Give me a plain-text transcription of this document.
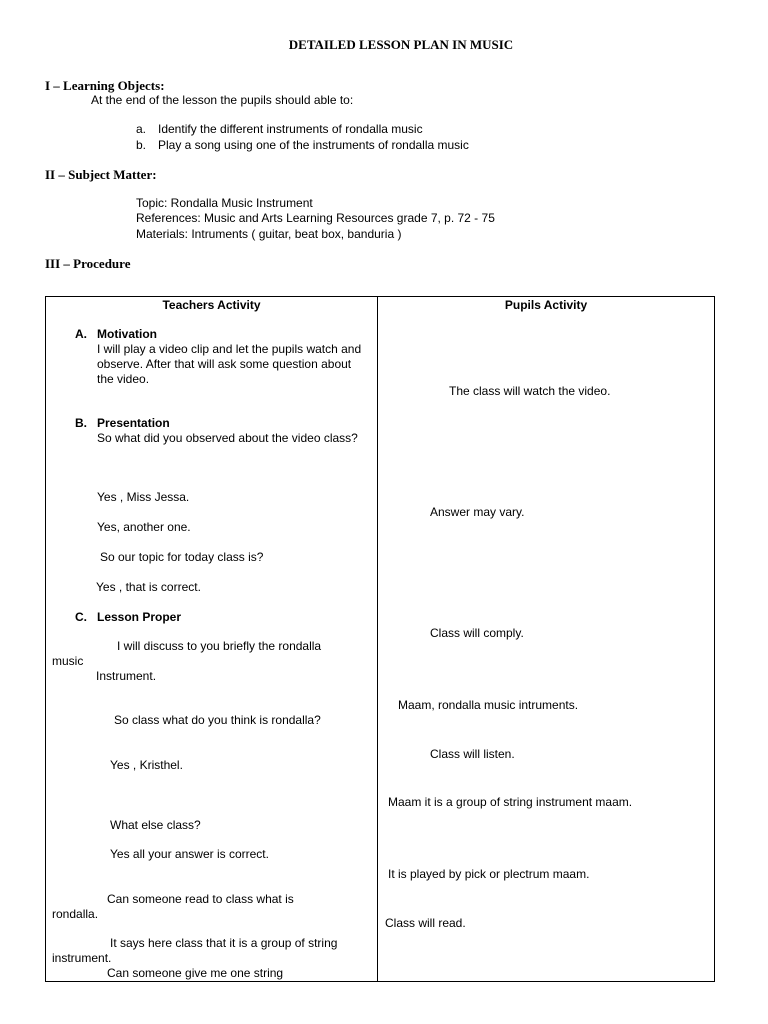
DETAILED LESSON PLAN IN MUSIC
I – Learning Objects:
At the end of the lesson the pupils should able to:
a. Identify the different instruments of rondalla music
b. Play a song using one of the instruments of rondalla music
II – Subject Matter:
Topic: Rondalla Music Instrument
References: Music and Arts Learning Resources grade 7, p. 72 - 75
Materials: Intruments ( guitar, beat box, banduria )
III – Procedure
Teachers Activity	Pupils Activity
A. Motivation
I will play a video clip and let the pupils watch and observe. After that will ask some question about the video.
B. Presentation
So what did you observed about the video class?
Yes , Miss Jessa.
Yes, another one.
So our topic for today class is?
Yes , that is correct.
C. Lesson Proper
I will discuss to you briefly the rondalla
music
Instrument.
So class what do you think is rondalla?
Yes , Kristhel.
What else class?
Yes all your answer is correct.
Can someone read to class what is
rondalla.
It says here class that it is a group of string
instrument.
Can someone give me one string
The class will watch the video.
Answer may vary.
Class will comply.
Maam, rondalla music intruments.
Class will listen.
Maam it is a group of string instrument maam.
It is played by pick or plectrum maam.
Class will read.
